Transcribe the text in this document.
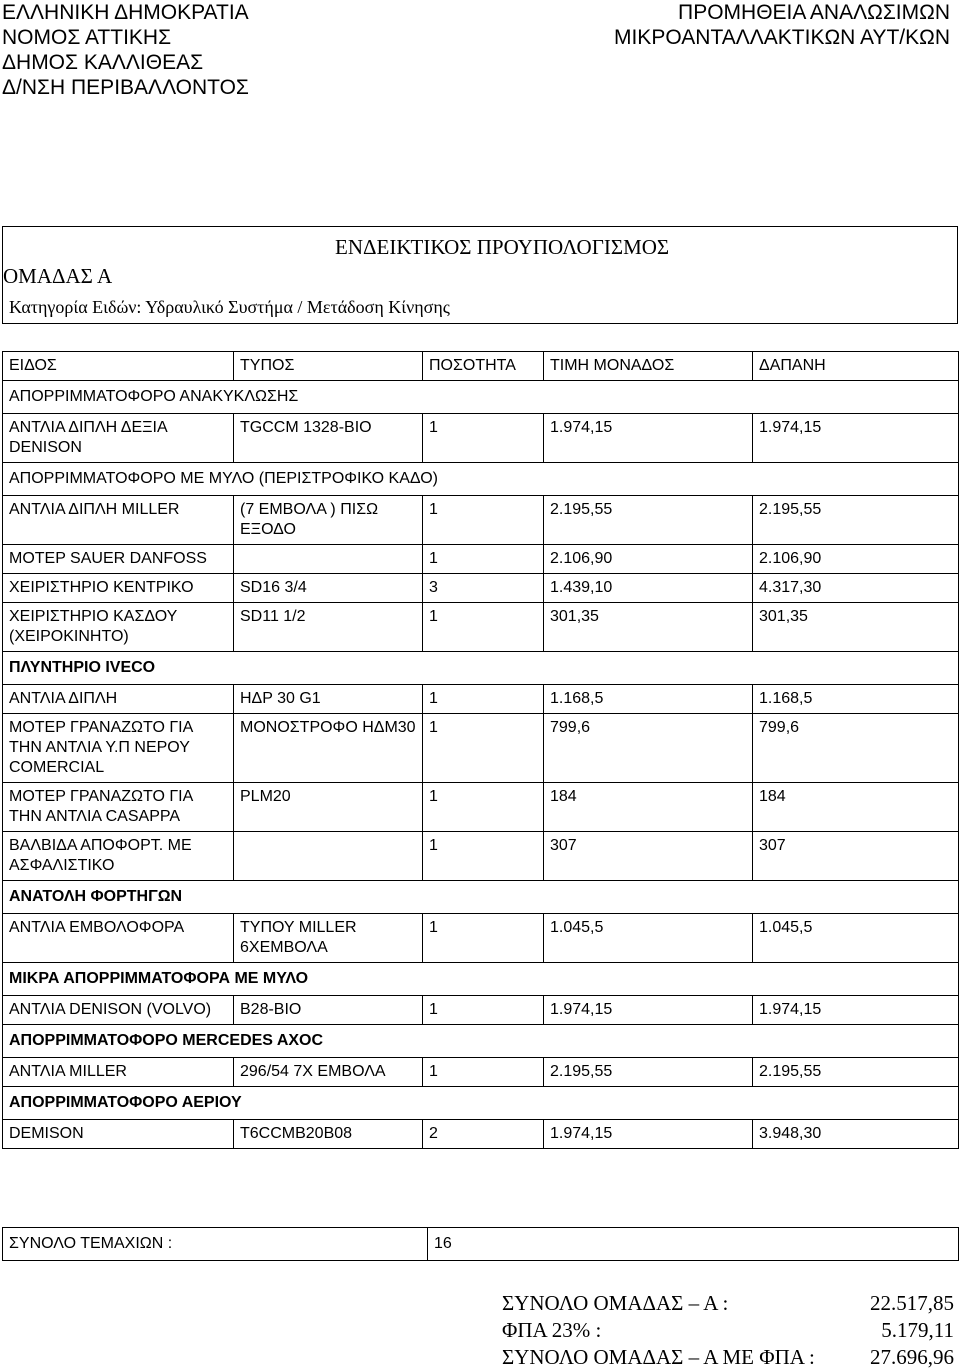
ΕΛΛΗΝΙΚΗ ΔΗΜΟΚΡΑΤΙΑ
ΝΟΜΟΣ ΑΤΤΙΚΗΣ
ΔΗΜΟΣ ΚΑΛΛΙΘΕΑΣ
Δ/ΝΣΗ ΠΕΡΙΒΑΛΛΟΝΤΟΣ
ΠΡΟΜΗΘΕΙΑ ΑΝΑΛΩΣΙΜΩΝ
ΜΙΚΡΟΑΝΤΑΛΛΑΚΤΙΚΩΝ ΑΥΤ/ΚΩΝ
ΕΝΔΕΙΚΤΙΚΟΣ ΠΡΟΥΠΟΛΟΓΙΣΜΟΣ
ΟΜΑΔΑΣ Α
Κατηγορία Ειδών: Υδραυλικό Συστήμα / Μετάδοση Κίνησης
ΕΙΔΟΣ	ΤΥΠΟΣ	ΠΟΣΟΤΗΤΑ	ΤΙΜΗ ΜΟΝΑΔΟΣ	ΔΑΠΑΝΗ
ΑΠΟΡΡΙΜΜΑΤΟΦΟΡΟ ΑΝΑΚΥΚΛΩΣΗΣ				
ΑΝΤΛΙΑ ΔΙΠΛΗ ΔΕΞΙΑ DENISON	TGCCM 1328-BIO	1	1.974,15	1.974,15
ΑΠΟΡΡΙΜΜΑΤΟΦΟΡΟ ΜΕ ΜΥΛΟ (ΠΕΡΙΣΤΡΟΦΙΚΟ ΚΑΔΟ)				
ΑΝΤΛΙΑ ΔΙΠΛΗ MILLER	(7 ΕΜΒΟΛΑ ) ΠΙΣΩ ΕΞΟΔΟ	1	2.195,55	2.195,55
ΜΟΤΕΡ SAUER DANFOSS		1	2.106,90	2.106,90
ΧΕΙΡΙΣΤΗΡΙΟ ΚΕΝΤΡΙΚΟ	SD16 3/4	3	1.439,10	4.317,30
ΧΕΙΡΙΣΤΗΡΙΟ ΚΑΣΔΟΥ (ΧΕΙΡΟΚΙΝΗΤΟ)	SD11 1/2	1	301,35	301,35
ΠΛΥΝΤΗΡΙΟ IVECO				
ΑΝΤΛΙΑ ΔΙΠΛΗ	ΗΔΡ 30 G1	1	1.168,5	1.168,5
ΜΟΤΕΡ ΓΡΑΝΑΖΩΤΟ ΓΙΑ ΤΗΝ ΑΝΤΛΙΑ Υ.Π ΝΕΡΟΥ COMERCIAL	ΜΟΝΟΣΤΡΟΦΟ ΗΔΜ30	1	799,6	799,6
ΜΟΤΕΡ ΓΡΑΝΑΖΩΤΟ ΓΙΑ ΤΗΝ ΑΝΤΛΙΑ CASAPPA	PLM20	1	184	184
ΒΑΛΒΙΔΑ ΑΠΟΦΟΡΤ. ΜΕ ΑΣΦΑΛΙΣΤΙΚΟ		1	307	307
ΑΝΑΤΟΛΗ ΦΟΡΤΗΓΩΝ				
ΑΝΤΛΙΑ ΕΜΒΟΛΟΦΟΡΑ	ΤΥΠΟΥ MILLER 6ΧΕΜΒΟΛΑ	1	1.045,5	1.045,5
ΜΙΚΡΑ ΑΠΟΡΡΙΜΜΑΤΟΦΟΡΑ ΜΕ ΜΥΛΟ				
ΑΝΤΛΙΑ DENISON (VOLVO)	B28-BIO	1	1.974,15	1.974,15
ΑΠΟΡΡΙΜΜΑΤΟΦΟΡΟ MERCEDES AXOC				
ΑΝΤΛΙΑ MILLER	296/54 7Χ ΕΜΒΟΛΑ	1	2.195,55	2.195,55
ΑΠΟΡΡΙΜΜΑΤΟΦΟΡΟ ΑΕΡΙΟΥ				
DEMISON	T6CCMB20B08	2	1.974,15	3.948,30
ΣΥΝΟΛΟ ΤΕΜΑΧΙΩΝ :	16
ΣΥΝΟΛΟ ΟΜΑΔΑΣ – Α :	22.517,85
ΦΠΑ 23% :	5.179,11
ΣΥΝΟΛΟ ΟΜΑΔΑΣ – Α ΜΕ ΦΠΑ :	27.696,96
